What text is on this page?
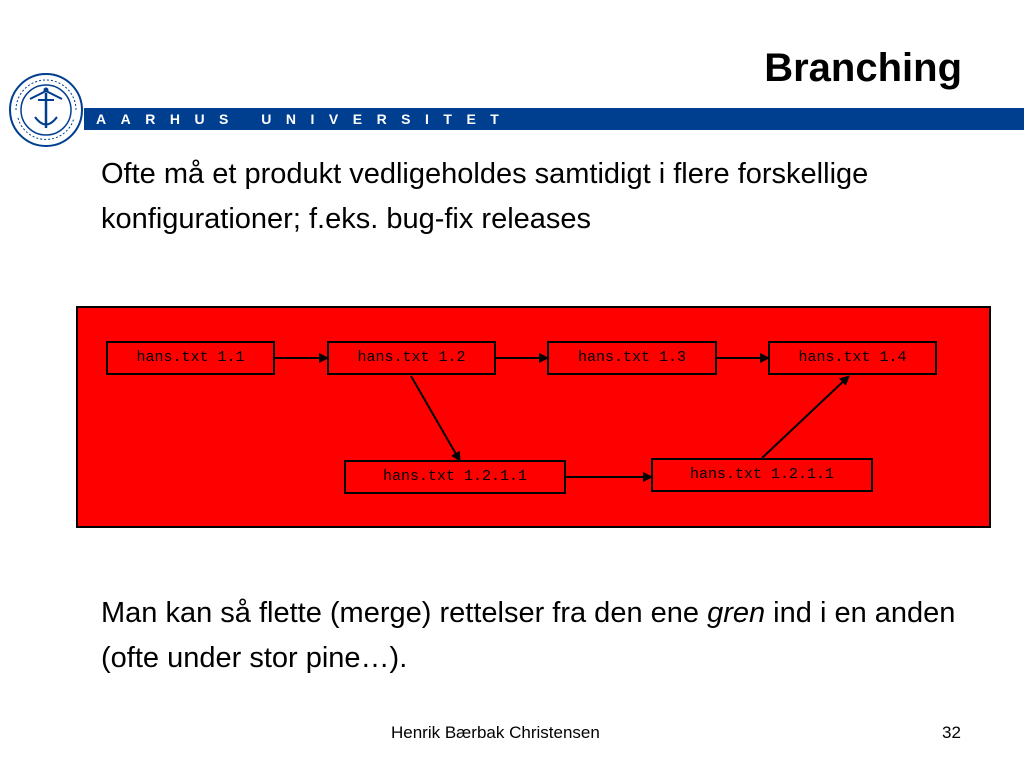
Branching
AARHUS UNIVERSITET
Ofte må et produkt vedligeholdes samtidigt i flere forskellige konfigurationer; f.eks. bug-fix releases
hans.txt 1.1	hans.txt 1.2	hans.txt 1.3	hans.txt 1.4
hans.txt 1.2.1.1	hans.txt 1.2.1.1
Man kan så flette (merge) rettelser fra den ene gren ind i en anden (ofte under stor pine…).
Henrik Bærbak Christensen	32
